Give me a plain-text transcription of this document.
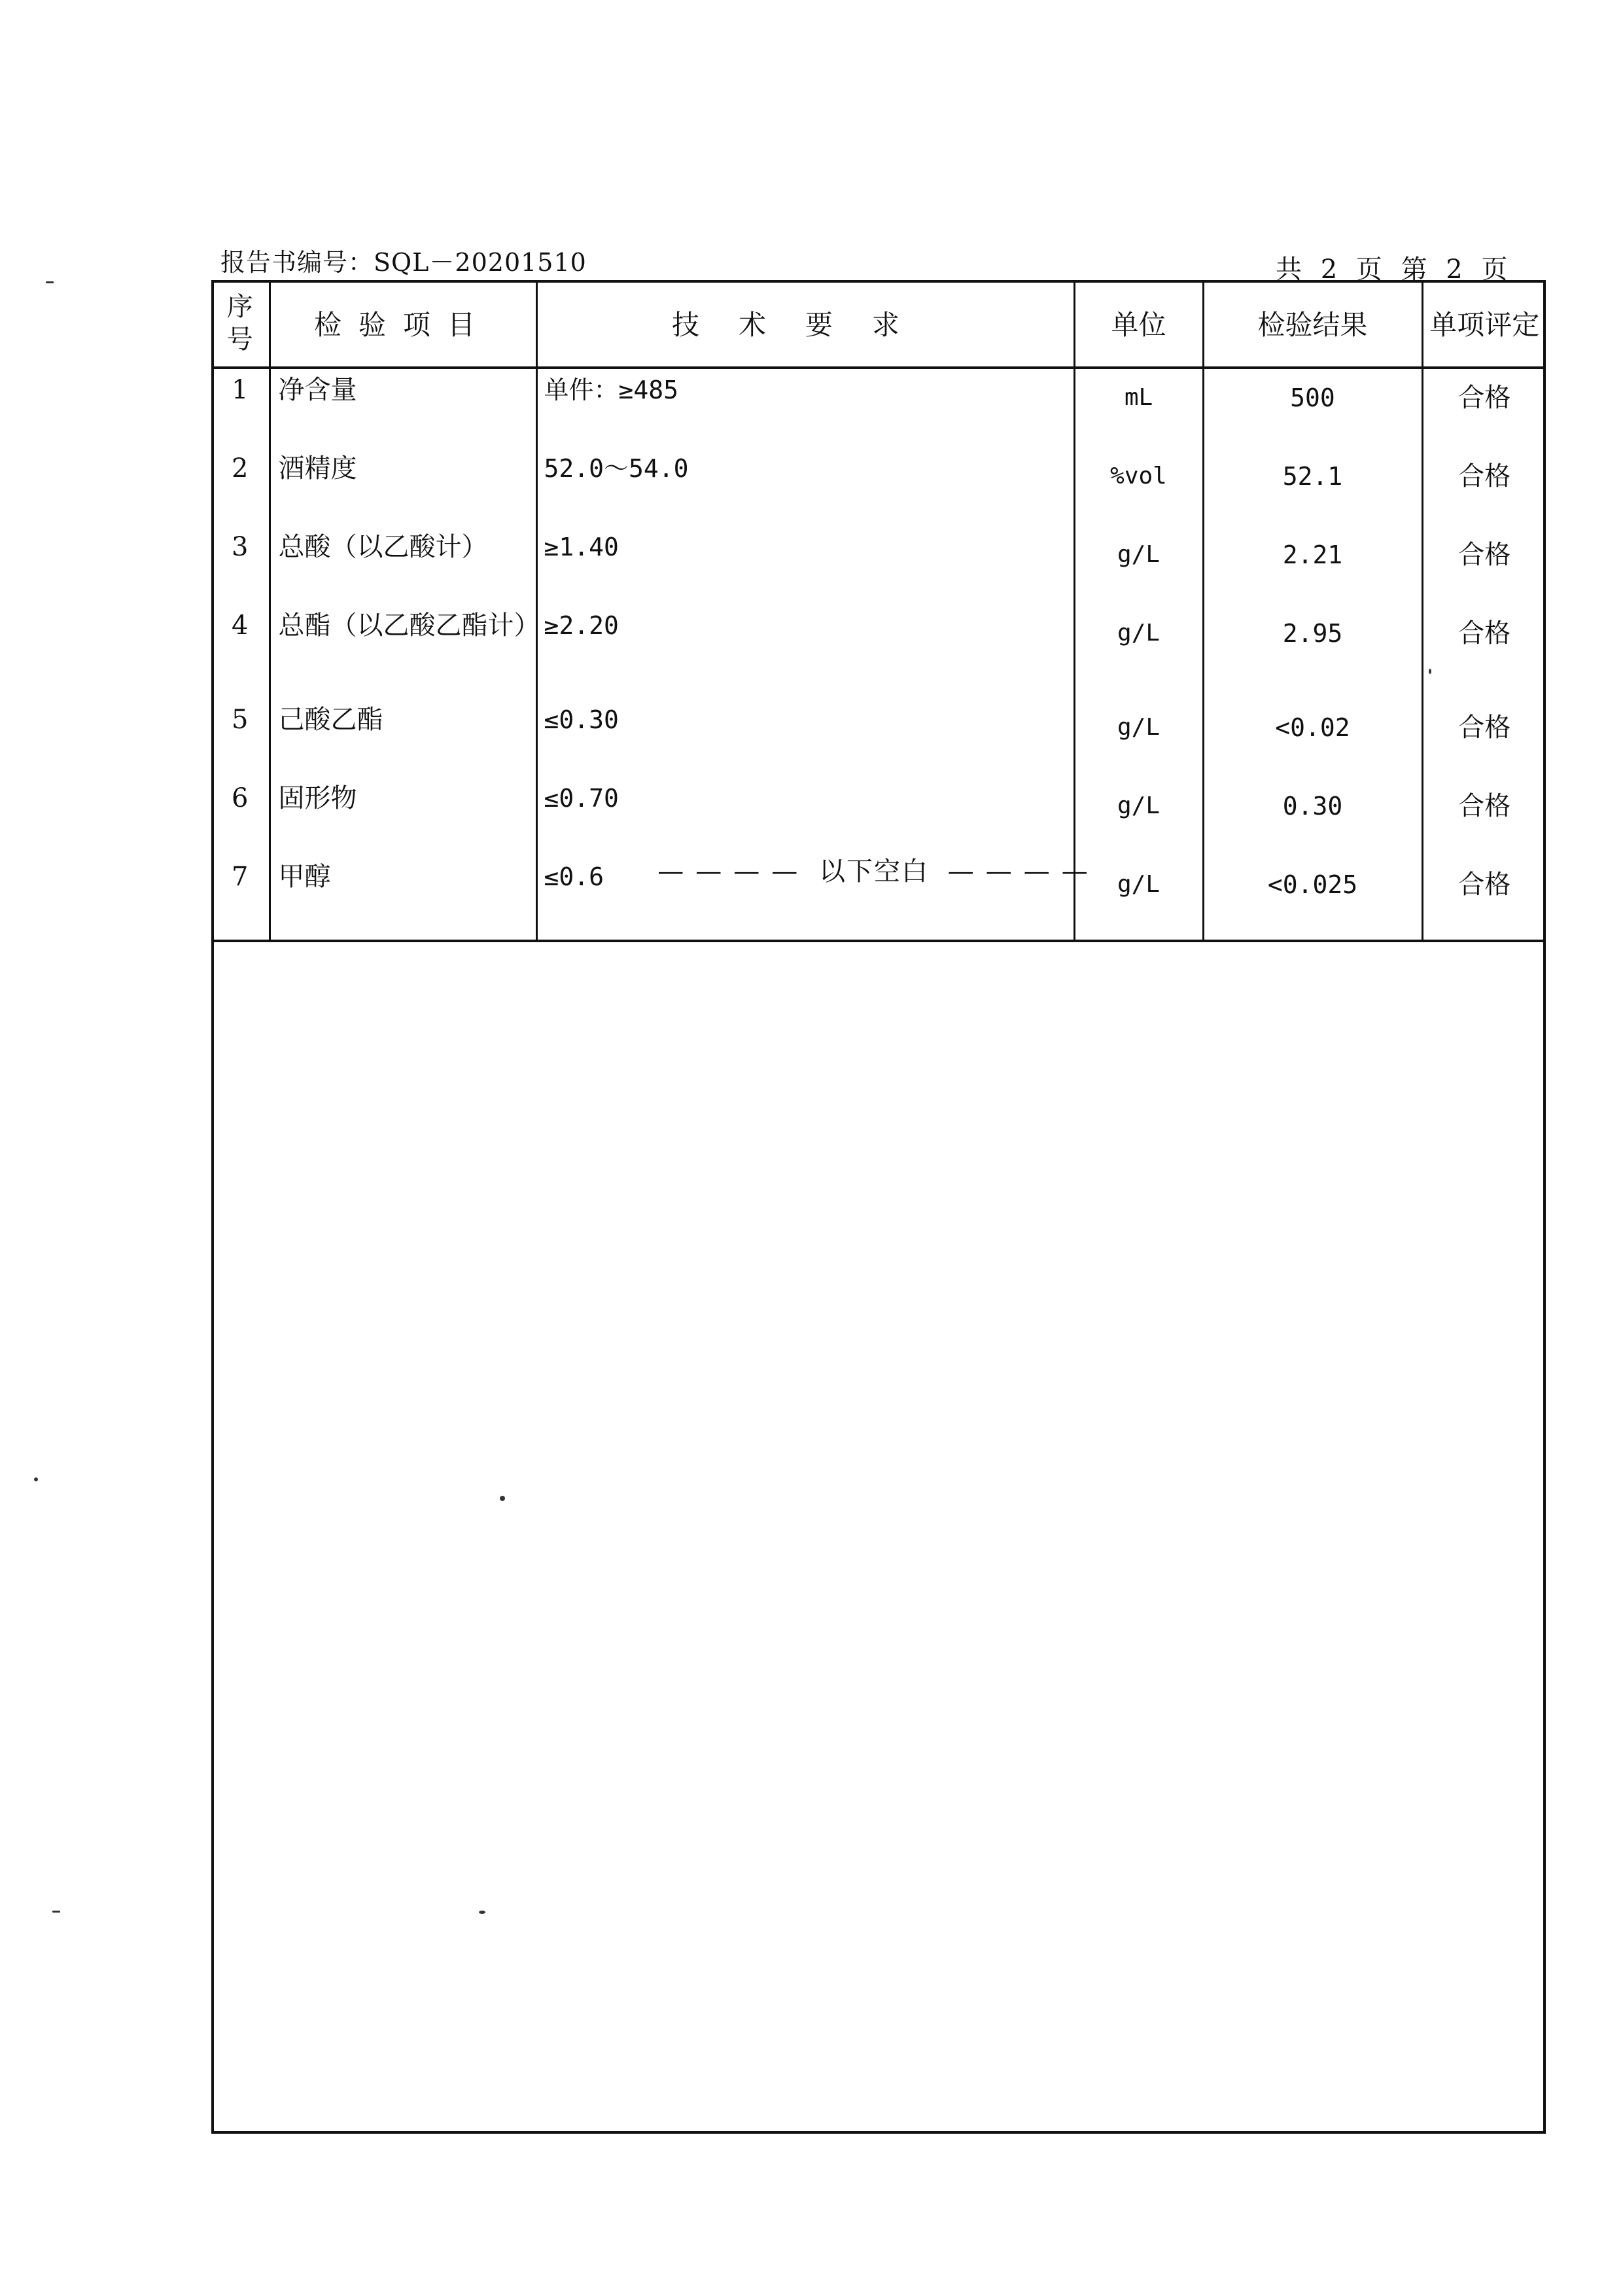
报告书编号：SQL－20201510	共 2 页 第 2 页
序号	检验项目	技术要求	单位	检验结果	单项评定
1	净含量	单件：≥485	mL	500	合格
2	酒精度	52.0～54.0	%vol	52.1	合格
3	总酸（以乙酸计）	≥1.40	g/L	2.21	合格
4	总酯（以乙酸乙酯计）	≥2.20	g/L	2.95	合格
5	己酸乙酯	≤0.30	g/L	<0.02	合格
6	固形物	≤0.70	g/L	0.30	合格
7	甲醇	≤0.6	g/L	<0.025	合格
———— 以下空白 ————
